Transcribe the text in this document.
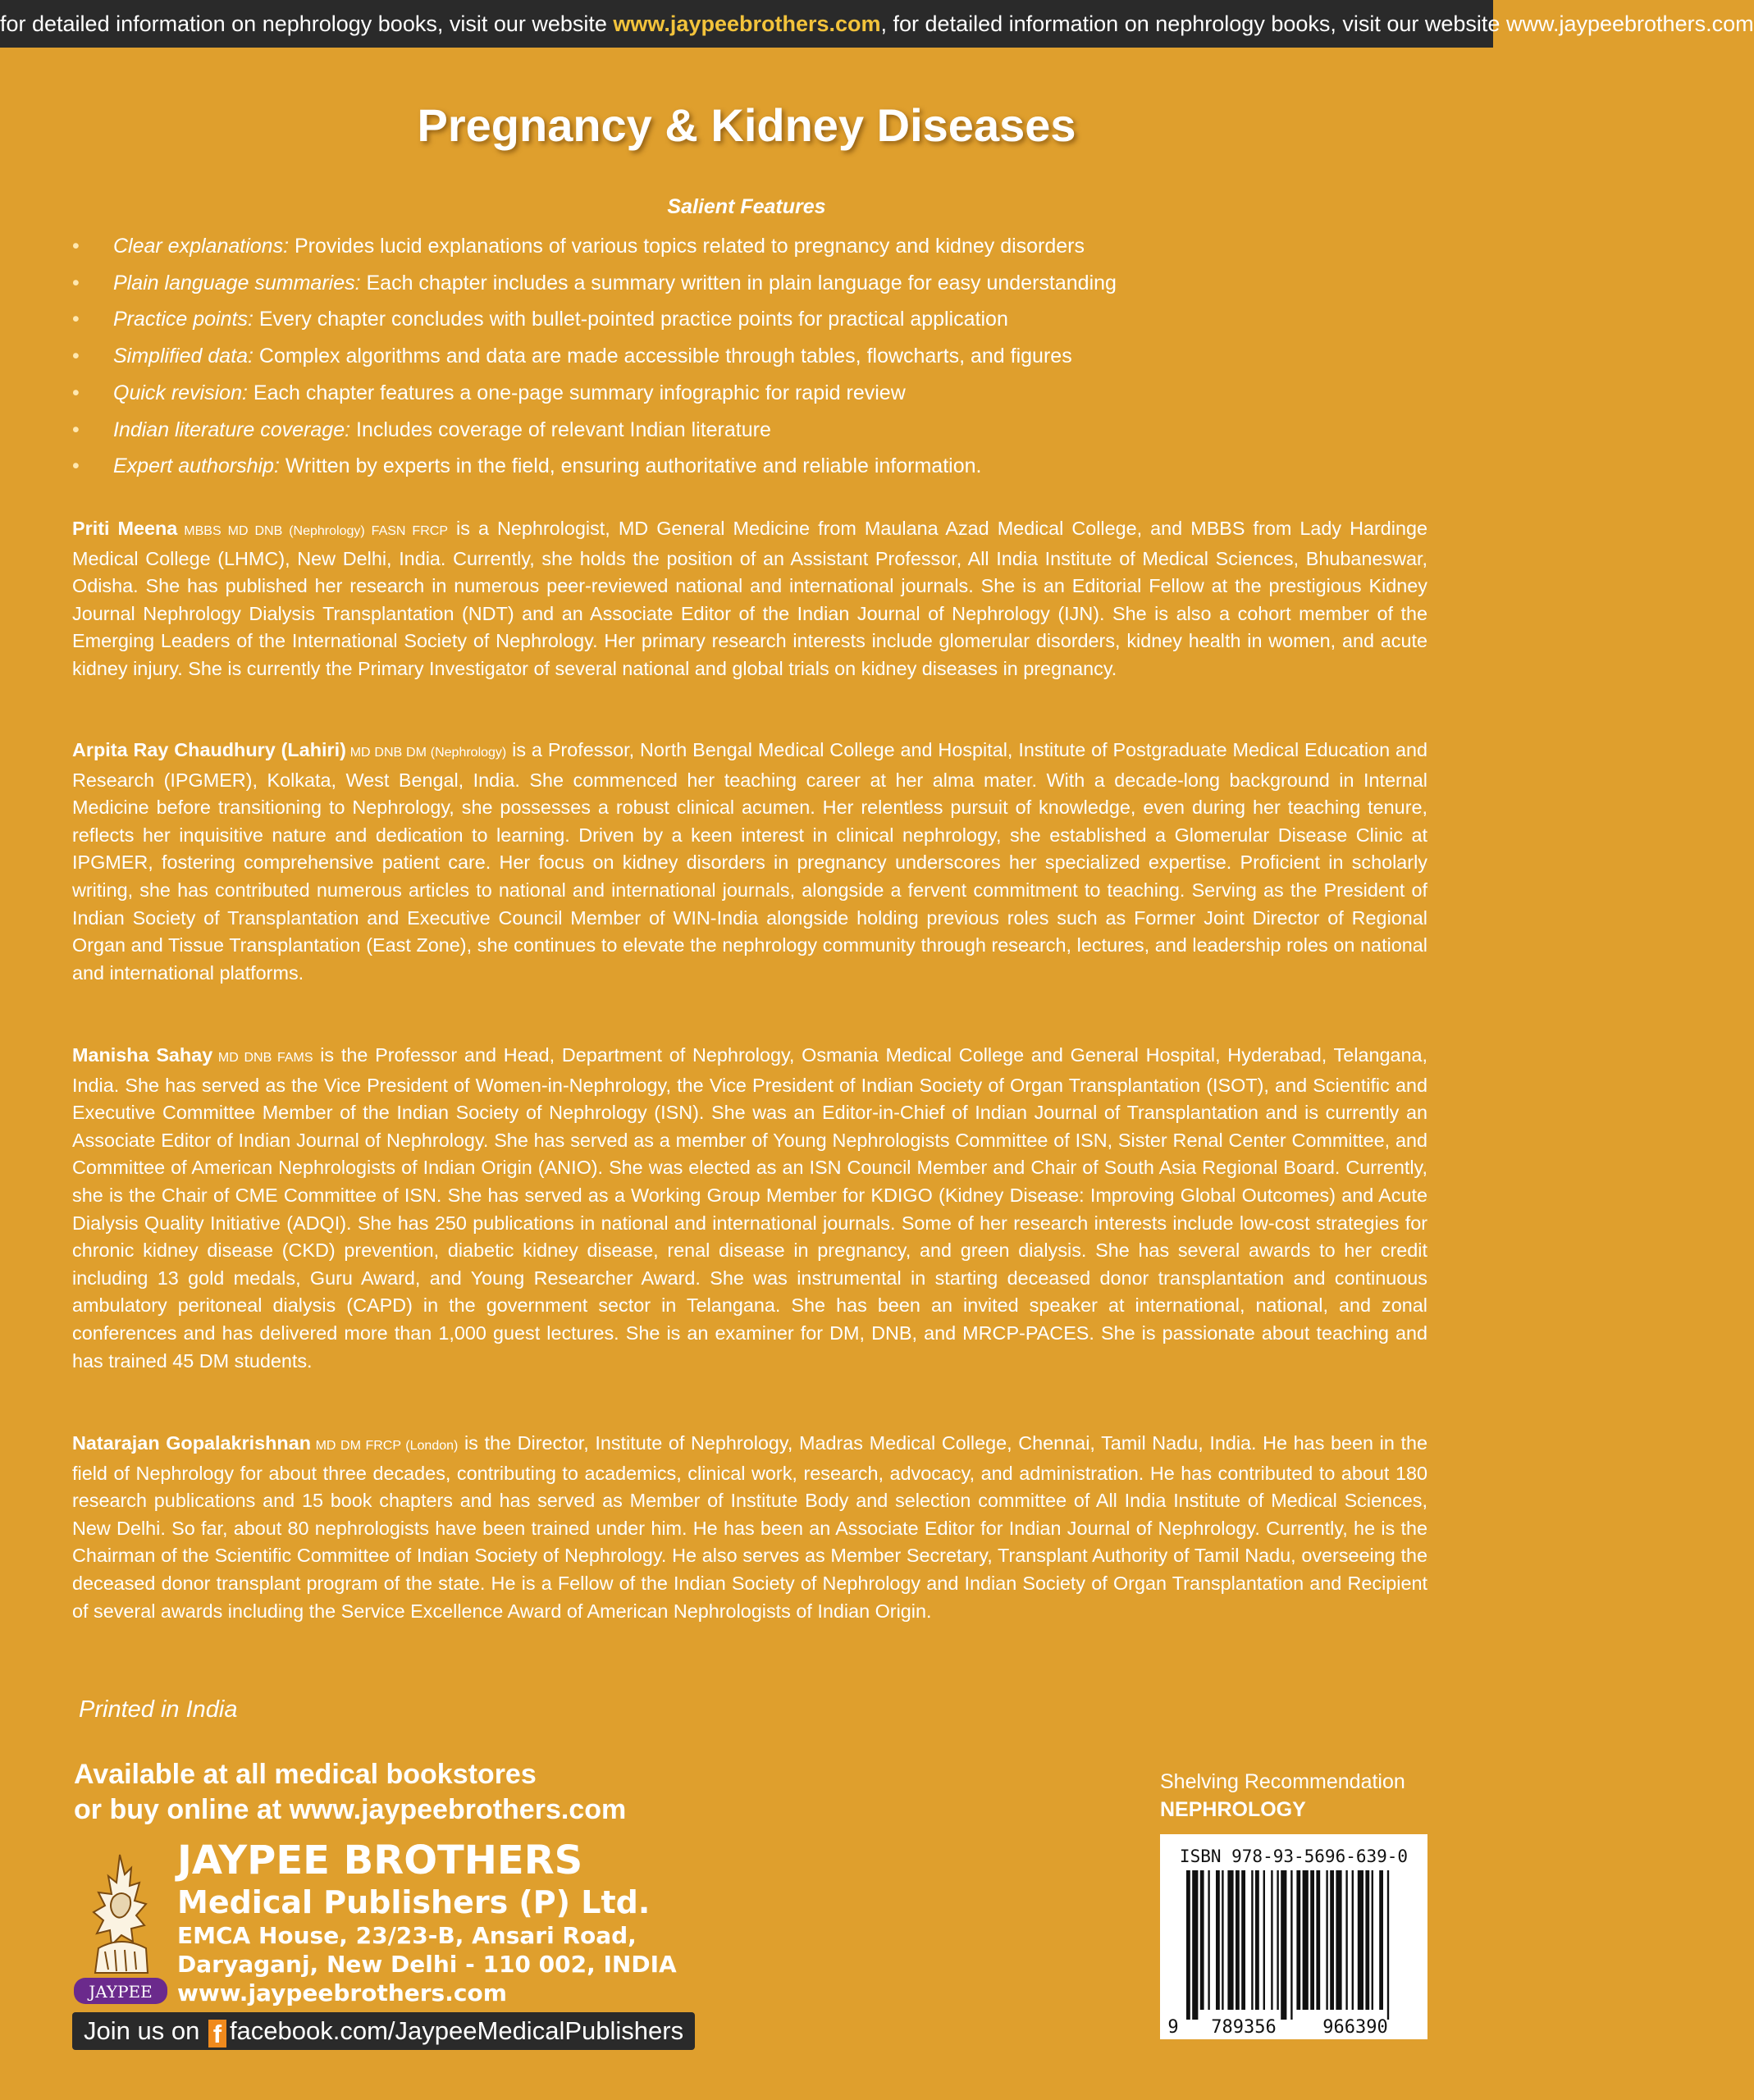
for detailed information on nephrology books, visit our website www.jaypeebrothers.com, for detailed information on nephrology books, visit our website www.jaypeebrothers.com
Pregnancy & Kidney Diseases
Salient Features
• Clear explanations: Provides lucid explanations of various topics related to pregnancy and kidney disorders
• Plain language summaries: Each chapter includes a summary written in plain language for easy understanding
• Practice points: Every chapter concludes with bullet-pointed practice points for practical application
• Simplified data: Complex algorithms and data are made accessible through tables, flowcharts, and figures
• Quick revision: Each chapter features a one-page summary infographic for rapid review
• Indian literature coverage: Includes coverage of relevant Indian literature
• Expert authorship: Written by experts in the field, ensuring authoritative and reliable information.

Priti Meena MBBS MD DNB (Nephrology) FASN FRCP is a Nephrologist, MD General Medicine from Maulana Azad Medical College, and MBBS from Lady Hardinge Medical College (LHMC), New Delhi, India. Currently, she holds the position of an Assistant Professor, All India Institute of Medical Sciences, Bhubaneswar, Odisha. She has published her research in numerous peer-reviewed national and international journals. She is an Editorial Fellow at the prestigious Kidney Journal Nephrology Dialysis Transplantation (NDT) and an Associate Editor of the Indian Journal of Nephrology (IJN). She is also a cohort member of the Emerging Leaders of the International Society of Nephrology. Her primary research interests include glomerular disorders, kidney health in women, and acute kidney injury. She is currently the Primary Investigator of several national and global trials on kidney diseases in pregnancy.

Arpita Ray Chaudhury (Lahiri) MD DNB DM (Nephrology) is a Professor, North Bengal Medical College and Hospital, Institute of Postgraduate Medical Education and Research (IPGMER), Kolkata, West Bengal, India. She commenced her teaching career at her alma mater. With a decade-long background in Internal Medicine before transitioning to Nephrology, she possesses a robust clinical acumen. Her relentless pursuit of knowledge, even during her teaching tenure, reflects her inquisitive nature and dedication to learning. Driven by a keen interest in clinical nephrology, she established a Glomerular Disease Clinic at IPGMER, fostering comprehensive patient care. Her focus on kidney disorders in pregnancy underscores her specialized expertise. Proficient in scholarly writing, she has contributed numerous articles to national and international journals, alongside a fervent commitment to teaching. Serving as the President of Indian Society of Transplantation and Executive Council Member of WIN-India alongside holding previous roles such as Former Joint Director of Regional Organ and Tissue Transplantation (East Zone), she continues to elevate the nephrology community through research, lectures, and leadership roles on national and international platforms.

Manisha Sahay MD DNB FAMS is the Professor and Head, Department of Nephrology, Osmania Medical College and General Hospital, Hyderabad, Telangana, India. She has served as the Vice President of Women-in-Nephrology, the Vice President of Indian Society of Organ Transplantation (ISOT), and Scientific and Executive Committee Member of the Indian Society of Nephrology (ISN). She was an Editor-in-Chief of Indian Journal of Transplantation and is currently an Associate Editor of Indian Journal of Nephrology. She has served as a member of Young Nephrologists Committee of ISN, Sister Renal Center Committee, and Committee of American Nephrologists of Indian Origin (ANIO). She was elected as an ISN Council Member and Chair of South Asia Regional Board. Currently, she is the Chair of CME Committee of ISN. She has served as a Working Group Member for KDIGO (Kidney Disease: Improving Global Outcomes) and Acute Dialysis Quality Initiative (ADQI). She has 250 publications in national and international journals. Some of her research interests include low-cost strategies for chronic kidney disease (CKD) prevention, diabetic kidney disease, renal disease in pregnancy, and green dialysis. She has several awards to her credit including 13 gold medals, Guru Award, and Young Researcher Award. She was instrumental in starting deceased donor transplantation and continuous ambulatory peritoneal dialysis (CAPD) in the government sector in Telangana. She has been an invited speaker at international, national, and zonal conferences and has delivered more than 1,000 guest lectures. She is an examiner for DM, DNB, and MRCP-PACES. She is passionate about teaching and has trained 45 DM students.

Natarajan Gopalakrishnan MD DM FRCP (London) is the Director, Institute of Nephrology, Madras Medical College, Chennai, Tamil Nadu, India. He has been in the field of Nephrology for about three decades, contributing to academics, clinical work, research, advocacy, and administration. He has contributed to about 180 research publications and 15 book chapters and has served as Member of Institute Body and selection committee of All India Institute of Medical Sciences, New Delhi. So far, about 80 nephrologists have been trained under him. He has been an Associate Editor for Indian Journal of Nephrology. Currently, he is the Chairman of the Scientific Committee of Indian Society of Nephrology. He also serves as Member Secretary, Transplant Authority of Tamil Nadu, overseeing the deceased donor transplant program of the state. He is a Fellow of the Indian Society of Nephrology and Indian Society of Organ Transplantation and Recipient of several awards including the Service Excellence Award of American Nephrologists of Indian Origin.

Printed in India
Available at all medical bookstores
or buy online at www.jaypeebrothers.com
JAYPEE
JAYPEE BROTHERS
Medical Publishers (P) Ltd.
EMCA House, 23/23-B, Ansari Road,
Daryaganj, New Delhi - 110 002, INDIA
www.jaypeebrothers.com
Join us on f facebook.com/JaypeeMedicalPublishers
Shelving Recommendation
NEPHROLOGY
ISBN 978-93-5696-639-0
9 789356	966390
